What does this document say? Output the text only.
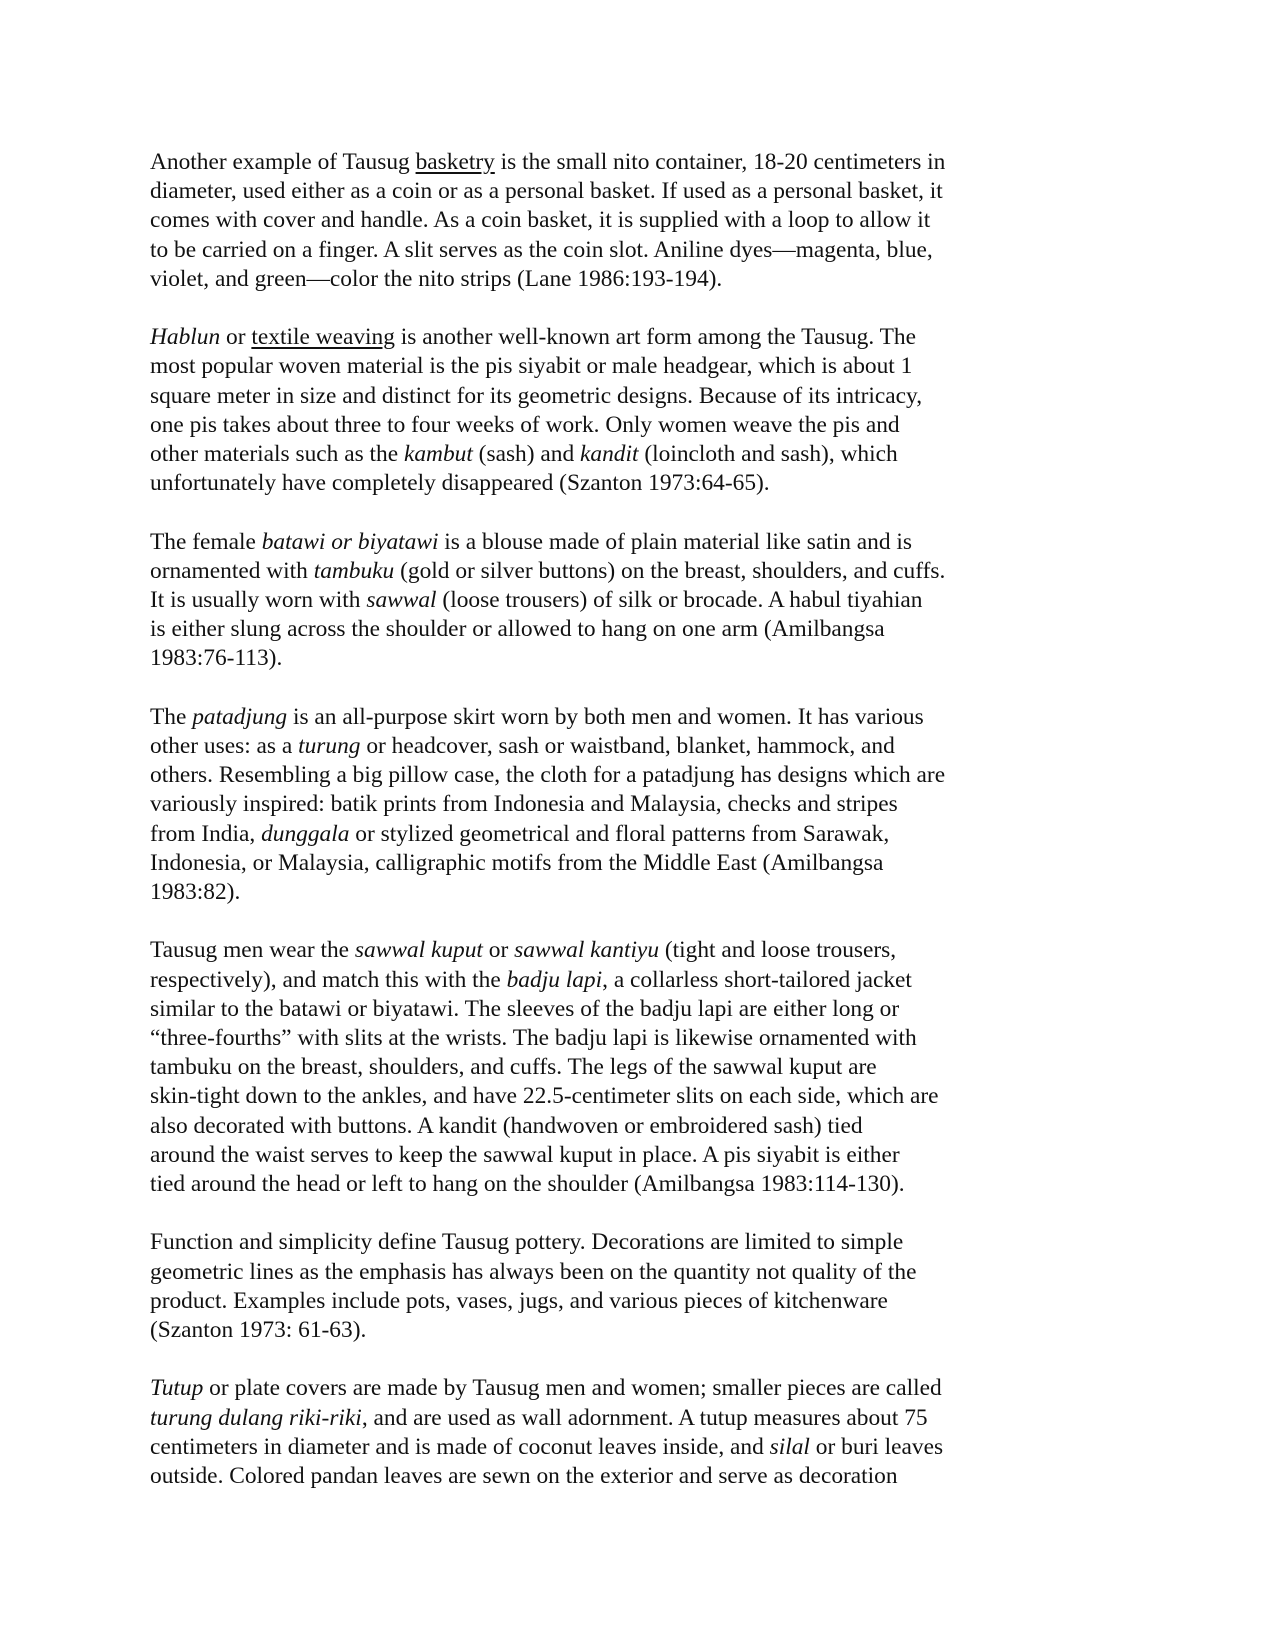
Another example of Tausug basketry is the small nito container, 18-20 centimeters in
diameter, used either as a coin or as a personal basket. If used as a personal basket, it
comes with cover and handle. As a coin basket, it is supplied with a loop to allow it
to be carried on a finger. A slit serves as the coin slot. Aniline dyes—magenta, blue,
violet, and green—color the nito strips (Lane 1986:193-194).

Hablun or textile weaving is another well-known art form among the Tausug. The
most popular woven material is the pis siyabit or male headgear, which is about 1
square meter in size and distinct for its geometric designs. Because of its intricacy,
one pis takes about three to four weeks of work. Only women weave the pis and
other materials such as the kambut (sash) and kandit (loincloth and sash), which
unfortunately have completely disappeared (Szanton 1973:64-65).

The female batawi or biyatawi is a blouse made of plain material like satin and is
ornamented with tambuku (gold or silver buttons) on the breast, shoulders, and cuffs.
It is usually worn with sawwal (loose trousers) of silk or brocade. A habul tiyahian
is either slung across the shoulder or allowed to hang on one arm (Amilbangsa
1983:76-113).

The patadjung is an all-purpose skirt worn by both men and women. It has various
other uses: as a turung or headcover, sash or waistband, blanket, hammock, and
others. Resembling a big pillow case, the cloth for a patadjung has designs which are
variously inspired: batik prints from Indonesia and Malaysia, checks and stripes
from India, dunggala or stylized geometrical and floral patterns from Sarawak,
Indonesia, or Malaysia, calligraphic motifs from the Middle East (Amilbangsa
1983:82).

Tausug men wear the sawwal kuput or sawwal kantiyu (tight and loose trousers,
respectively), and match this with the badju lapi, a collarless short-tailored jacket
similar to the batawi or biyatawi. The sleeves of the badju lapi are either long or
“three-fourths” with slits at the wrists. The badju lapi is likewise ornamented with
tambuku on the breast, shoulders, and cuffs. The legs of the sawwal kuput are
skin-tight down to the ankles, and have 22.5-centimeter slits on each side, which are
also decorated with buttons. A kandit (handwoven or embroidered sash) tied
around the waist serves to keep the sawwal kuput in place. A pis siyabit is either
tied around the head or left to hang on the shoulder (Amilbangsa 1983:114-130).

Function and simplicity define Tausug pottery. Decorations are limited to simple
geometric lines as the emphasis has always been on the quantity not quality of the
product. Examples include pots, vases, jugs, and various pieces of kitchenware
(Szanton 1973: 61-63).

Tutup or plate covers are made by Tausug men and women; smaller pieces are called
turung dulang riki-riki, and are used as wall adornment. A tutup measures about 75
centimeters in diameter and is made of coconut leaves inside, and silal or buri leaves
outside. Colored pandan leaves are sewn on the exterior and serve as decoration
